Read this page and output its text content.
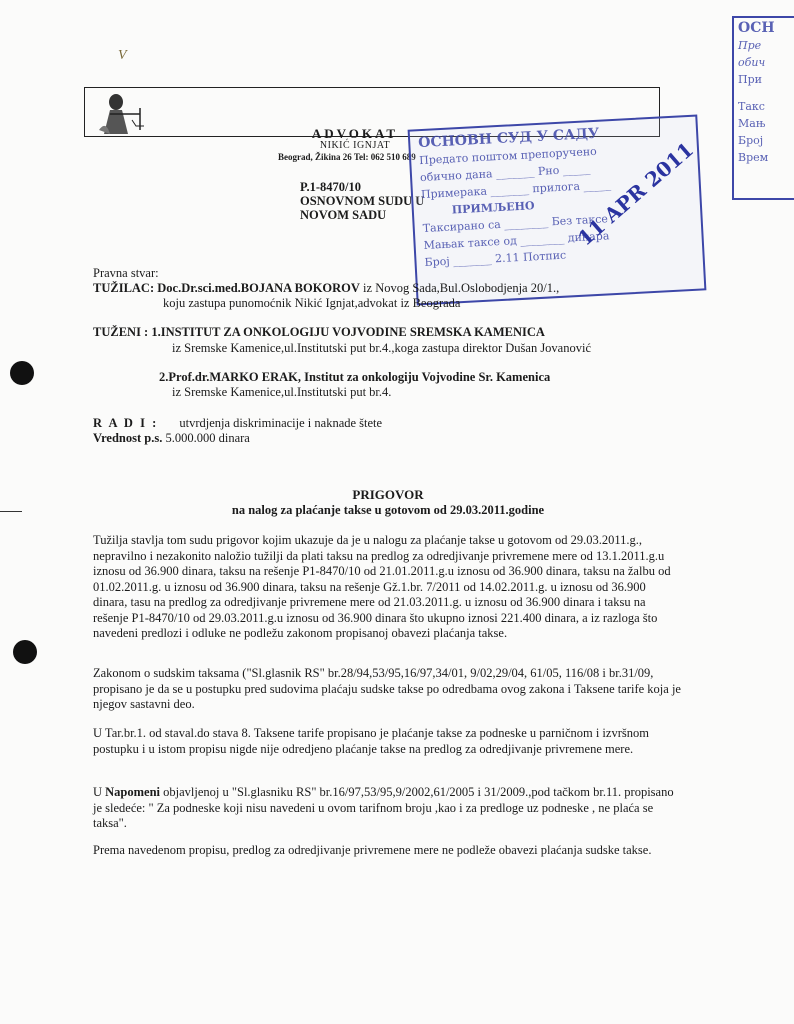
V
ADVOKAT
NIKIĆ IGNJAT
Beograd, Žikina 26 Tel: 062 510 689
P.1-8470/10
OSNOVNOM SUDU U
NOVOM SADU
ОСНОВН СУД У САДУ
Предато поштом препоручено
обично дана _______ Рно _____
Примерака _______ прилога _____
ПРИМЉЕНО
Таксирано са ________ Без таксе
Мањак таксе од ________ динара
Број _______ 2.11 Потпис
11 APR 2011
ОСН
Пре
обич
При
Такс
Мањ
Број
Врем
Pravna stvar:
TUŽILAC: Doc.Dr.sci.med.BOJANA BOKOROV iz Novog Sada,Bul.Oslobodjenja 20/1.,
koju zastupa punomoćnik Nikić Ignjat,advokat iz Beograda
TUŽENI : 1.INSTITUT ZA ONKOLOGIJU VOJVODINE SREMSKA KAMENICA
iz Sremske Kamenice,ul.Institutski put br.4.,koga zastupa direktor Dušan Jovanović
2.Prof.dr.MARKO ERAK, Institut za onkologiju Vojvodine Sr. Kamenica
iz Sremske Kamenice,ul.Institutski put br.4.
R A D I : utvrdjenja diskriminacije i naknade štete
Vrednost p.s. 5.000.000 dinara
PRIGOVOR
na nalog za plaćanje takse u gotovom od 29.03.2011.godine

Tužilja stavlja tom sudu prigovor kojim ukazuje da je u nalogu za plaćanje takse u gotovom od 29.03.2011.g., nepravilno i nezakonito naložio tužilji da plati taksu na predlog za odredjivanje privremene mere od 13.1.2011.g.u iznosu od 36.900 dinara, taksu na rešenje P1-8470/10 od 21.01.2011.g.u iznosu od 36.900 dinara, taksu na žalbu od 01.02.2011.g. u iznosu od 36.900 dinara, taksu na rešenje Gž.1.br. 7/2011 od 14.02.2011.g. u iznosu od 36.900 dinara, tasu na predlog za odredjivanje privremene mere od 21.03.2011.g. u iznosu od 36.900 dinara i taksu na rešenje P1-8470/10 od 29.03.2011.g.u iznosu od 36.900 dinara što ukupno iznosi 221.400 dinara, a iz razloga što navedeni predlozi i odluke ne podležu zakonom propisanoj obavezi plaćanja takse.

Zakonom o sudskim taksama ("Sl.glasnik RS" br.28/94,53/95,16/97,34/01, 9/02,29/04, 61/05, 116/08 i br.31/09, propisano je da se u postupku pred sudovima plaćaju sudske takse po odredbama ovog zakona i Taksene tarife koja je njegov sastavni deo.

U Tar.br.1. od staval.do stava 8. Taksene tarife propisano je plaćanje takse za podneske u parničnom i izvršnom postupku i u istom propisu nigde nije odredjeno plaćanje takse na predlog za odredjivanje privremene mere.

U Napomeni objavljenoj u "Sl.glasniku RS" br.16/97,53/95,9/2002,61/2005 i 31/2009.,pod tačkom br.11. propisano je sledeće: " Za podneske koji nisu navedeni u ovom tarifnom broju ,kao i za predloge uz podneske , ne plaća se taksa".

Prema navedenom propisu, predlog za odredjivanje privremene mere ne podleže obavezi plaćanja sudske takse.
